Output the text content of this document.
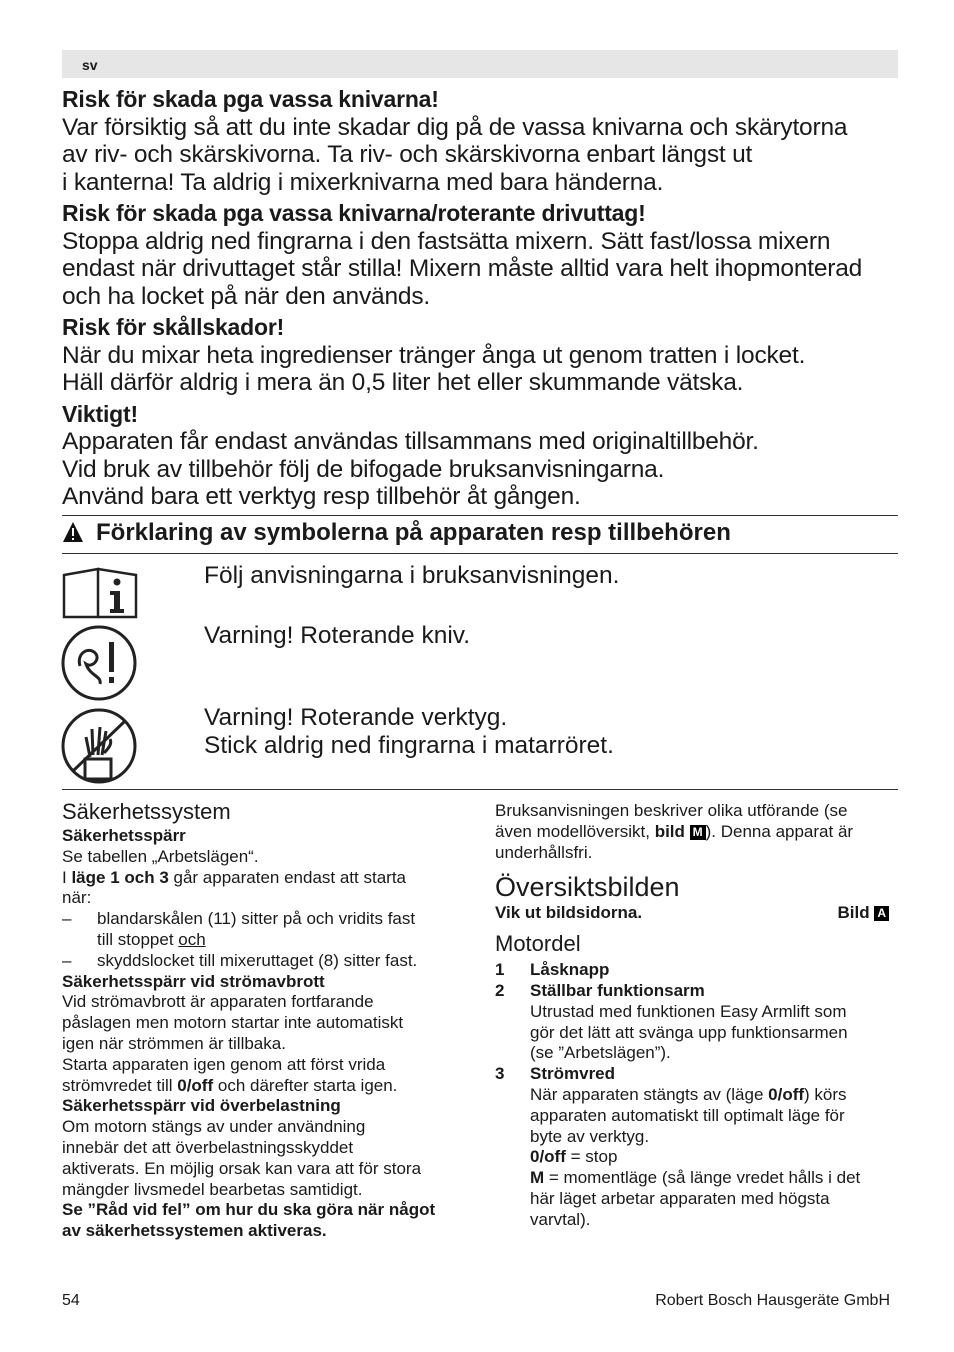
sv

Risk för skada pga vassa knivarna!

Var försiktig så att du inte skadar dig på de vassa knivarna och skärytorna

av riv- och skärskivorna. Ta riv- och skärskivorna enbart längst ut

i kanterna! Ta aldrig i mixerknivarna med bara händerna.

Risk för skada pga vassa knivarna/roterante drivuttag!

Stoppa aldrig ned fingrarna i den fastsätta mixern. Sätt fast/lossa mixern

endast när drivuttaget står stilla! Mixern måste alltid vara helt ihopmonterad

och ha locket på när den används.

Risk för skållskador!

När du mixar heta ingredienser tränger ånga ut genom tratten i locket.

Häll därför aldrig i mera än 0,5 liter het eller skummande vätska.

Viktigt!

Apparaten får endast användas tillsammans med originaltillbehör.

Vid bruk av tillbehör följ de bifogade bruksanvisningarna.

Använd bara ett verktyg resp tillbehör åt gången.

Förklaring av symbolerna på apparaten resp tillbehören
Följ anvisningarna i bruksanvisningen.
Varning! Roterande kniv.
Varning! Roterande verktyg.
Stick aldrig ned fingrarna i matarröret.

Säkerhetssystem

Säkerhetsspärr

Se tabellen „Arbetslägen“.

I läge 1 och 3 går apparaten endast att starta

när:

– blandarskålen (11) sitter på och vridits fast
till stoppet och
– skyddslocket till mixeruttaget (8) sitter fast.

Säkerhetsspärr vid strömavbrott

Vid strömavbrott är apparaten fortfarande

påslagen men motorn startar inte automatiskt

igen när strömmen är tillbaka.

Starta apparaten igen genom att först vrida

strömvredet till 0/off och därefter starta igen.

Säkerhetsspärr vid överbelastning

Om motorn stängs av under användning

innebär det att överbelastningsskyddet

aktiverats. En möjlig orsak kan vara att för stora

mängder livsmedel bearbetas samtidigt.

Se ”Råd vid fel” om hur du ska göra när något

av säkerhetssystemen aktiveras.

Bruksanvisningen beskriver olika utförande (se

även modellöversikt, bild M ). Denna apparat är

underhållsfri.

Översiktsbilden

Vik ut bildsidorna.	Bild A

Motordel

1 Låsknapp
2 Ställbar funktionsarm
Utrustad med funktionen Easy Armlift som
gör det lätt att svänga upp funktionsarmen
(se ”Arbetslägen”).
3 Strömvred
När apparaten stängts av (läge 0/off) körs
apparaten automatiskt till optimalt läge för
byte av verktyg.
0/off = stop
M = momentläge (så länge vredet hålls i det
här läget arbetar apparaten med högsta
varvtal).
54	Robert Bosch Hausgeräte GmbH
